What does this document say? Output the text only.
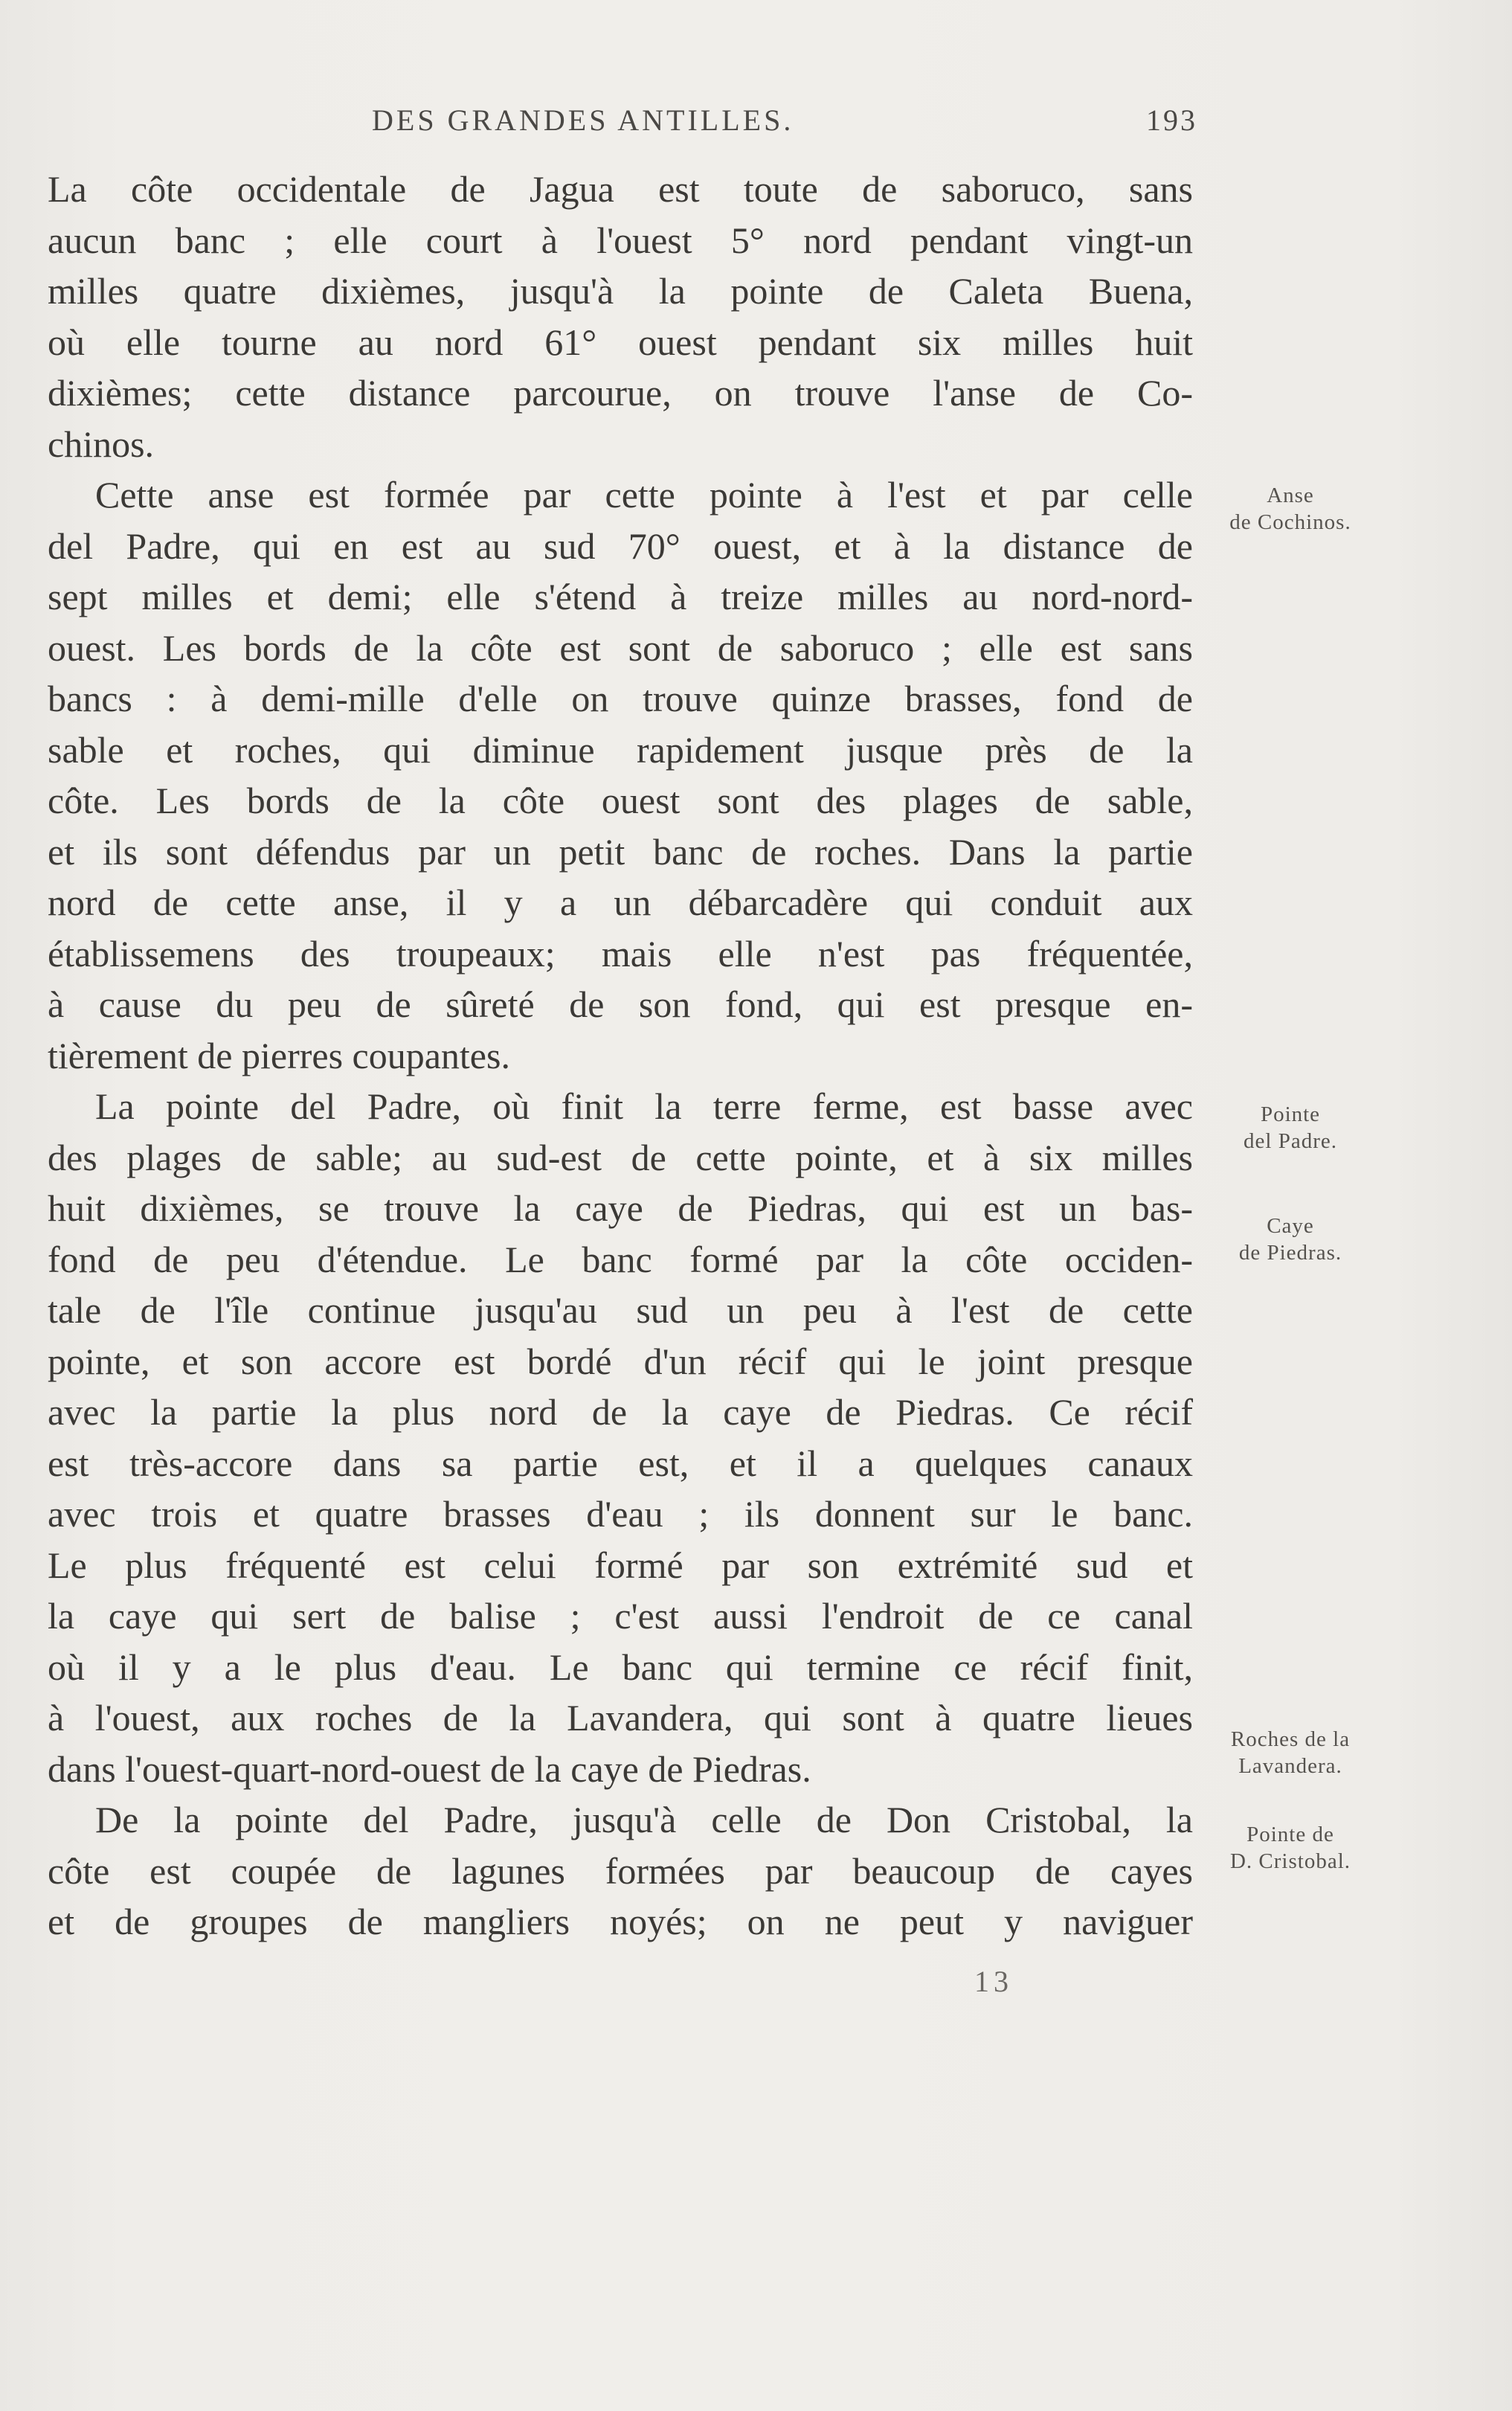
DES GRANDES ANTILLES.	193
La côte occidentale de Jagua est toute de saboruco, sans
aucun banc ; elle court à l'ouest 5° nord pendant vingt-un
milles quatre dixièmes, jusqu'à la pointe de Caleta Buena,
où elle tourne au nord 61° ouest pendant six milles huit
dixièmes; cette distance parcourue, on trouve l'anse de Co-
chinos.
Cette anse est formée par cette pointe à l'est et par celle
del Padre, qui en est au sud 70° ouest, et à la distance de
sept milles et demi; elle s'étend à treize milles au nord-nord-
ouest. Les bords de la côte est sont de saboruco ; elle est sans
bancs : à demi-mille d'elle on trouve quinze brasses, fond de
sable et roches, qui diminue rapidement jusque près de la
côte. Les bords de la côte ouest sont des plages de sable,
et ils sont défendus par un petit banc de roches. Dans la partie
nord de cette anse, il y a un débarcadère qui conduit aux
établissemens des troupeaux; mais elle n'est pas fréquentée,
à cause du peu de sûreté de son fond, qui est presque en-
tièrement de pierres coupantes.
La pointe del Padre, où finit la terre ferme, est basse avec
des plages de sable; au sud-est de cette pointe, et à six milles
huit dixièmes, se trouve la caye de Piedras, qui est un bas-
fond de peu d'étendue. Le banc formé par la côte occiden-
tale de l'île continue jusqu'au sud un peu à l'est de cette
pointe, et son accore est bordé d'un récif qui le joint presque
avec la partie la plus nord de la caye de Piedras. Ce récif
est très-accore dans sa partie est, et il a quelques canaux
avec trois et quatre brasses d'eau ; ils donnent sur le banc.
Le plus fréquenté est celui formé par son extrémité sud et
la caye qui sert de balise ; c'est aussi l'endroit de ce canal
où il y a le plus d'eau. Le banc qui termine ce récif finit,
à l'ouest, aux roches de la Lavandera, qui sont à quatre lieues
dans l'ouest-quart-nord-ouest de la caye de Piedras.
De la pointe del Padre, jusqu'à celle de Don Cristobal, la
côte est coupée de lagunes formées par beaucoup de cayes
et de groupes de mangliers noyés; on ne peut y naviguer
Anse
de Cochinos.
Pointe
del Padre.
Caye
de Piedras.
Roches de la
Lavandera.
Pointe de
D. Cristobal.
13
